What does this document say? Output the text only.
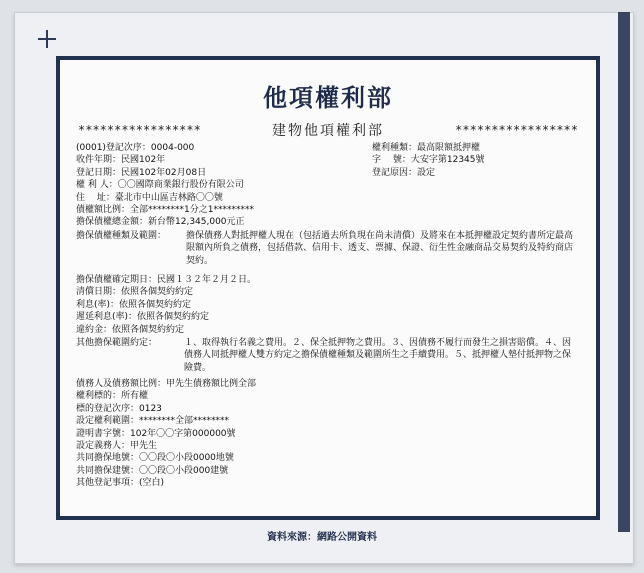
他項權利部
*****************	建物他項權利部	*****************
(0001)登記次序：0004-000
收件年期：民國102年
登記日期：民國102年02月08日
權 利 人：〇〇國際商業銀行股份有限公司
住　 址：臺北市中山區吉林路〇〇號
債權額比例：全部********1分之1*********
擔保債權總金額：新台幣12,345,000元正
權利種類：最高限額抵押權
字　 號：大安字第12345號
登記原因：設定
擔保債權種類及範圍： 擔保債務人對抵押權人現在（包括過去所負現在尚未清償）及將來在本抵押權設定契約書所定最高限額內所負之債務，包括借款、信用卡、透支、票據、保證、衍生性金融商品交易契約及特約商店契約。
擔保債權確定期日：民國１３２年２月２日。
清償日期：依照各個契約約定
利息(率)：依照各個契約約定
遲延利息(率)：依照各個契約約定
違約金：依照各個契約約定
其他擔保範圍約定：	１、取得執行名義之費用。２、保全抵押物之費用。３、因債務不履行而發生之損害賠償。４、因債務人同抵押權人雙方約定之擔保債權種類及範圍所生之手續費用。５、抵押權人墊付抵押物之保險費。
債務人及債務額比例：甲先生債務額比例全部
權利標的：所有權
標的登記次序：0123
設定權利範圍：********全部********
證明書字號：102年〇〇字第000000號
設定義務人：甲先生
共同擔保地號：〇〇段〇小段0000地號
共同擔保建號：〇〇段〇小段000建號
其他登記事項：(空白)
資料來源：網路公開資料
